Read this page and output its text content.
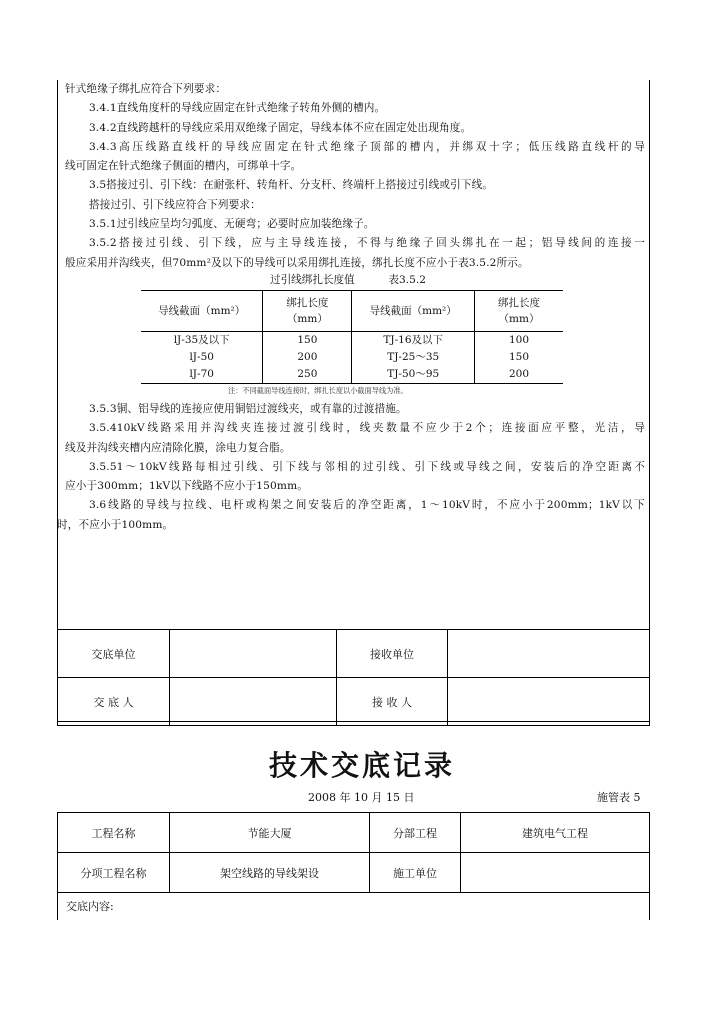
针式绝缘子绑扎应符合下列要求：

3.4.1直线角度杆的导线应固定在针式绝缘子转角外侧的槽内。

3.4.2直线跨越杆的导线应采用双绝缘子固定，导线本体不应在固定处出现角度。

3.4.3高压线路直线杆的导线应固定在针式绝缘子顶部的槽内，并绑双十字；低压线路直线杆的导

线可固定在针式绝缘子侧面的槽内，可绑单十字。

3.5搭接过引、引下线：在耐张杆、转角杆、分支杆、终端杆上搭接过引线或引下线。

搭接过引、引下线应符合下列要求：

3.5.1过引线应呈均匀弧度、无硬弯；必要时应加装绝缘子。

3.5.2搭接过引线、引下线，应与主导线连接，不得与绝缘子回头绑扎在一起；铝导线间的连接一

般应采用并沟线夹，但70mm²及以下的导线可以采用绑扎连接，绑扎长度不应小于表3.5.2所示。

过引线绑扎长度值          表3.5.2
导线截面（mm²）	绑扎长度（mm）	导线截面（mm²）	绑扎长度（mm）
lJ-35及以下	150	TJ-16及以下	100
lJ-50	200	TJ-25～35	150
lJ-70	250	TJ-50～95	200
注：不同截面导线连接时，绑扎长度以小截面导线为准。

3.5.3铜、铝导线的连接应使用铜铝过渡线夹，或有靠的过渡措施。

3.5.410kV线路采用并沟线夹连接过渡引线时，线夹数量不应少于2个；连接面应平整，光洁，导

线及并沟线夹槽内应清除化膜，涂电力复合脂。

3.5.51～10kV线路每相过引线、引下线与邻相的过引线、引下线或导线之间，安装后的净空距离不

应小于300mm；1kV以下线路不应小于150mm。

3.6线路的导线与拉线、电杆或构架之间安装后的净空距离，1～10kV时，不应小于200mm；1kV以下

时，不应小于100mm。

交底单位		接收单位	
交 底 人		接 收 人	
技术交底记录
2008 年 10 月 15 日	施管表 5
工程名称	节能大厦	分部工程	建筑电气工程
分项工程名称	架空线路的导线架设	施工单位	
交底内容:
